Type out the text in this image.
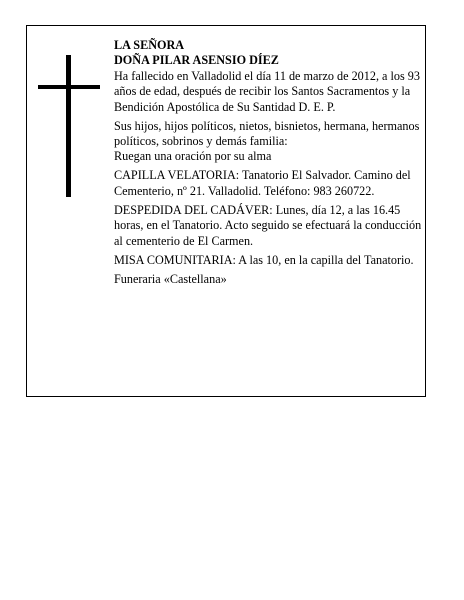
LA SEÑORA
DOÑA PILAR ASENSIO DÍEZ

Ha fallecido en Valladolid el día 11 de marzo de 2012, a los 93 años de edad, después de recibir los Santos Sacramentos y la Bendición Apostólica de Su Santidad D. E. P.

Sus hijos, hijos políticos, nietos, bisnietos, hermana, hermanos políticos, sobrinos y demás familia:

Ruegan una oración por su alma

CAPILLA VELATORIA: Tanatorio El Salvador. Camino del Cementerio, nº 21. Valladolid. Teléfono: 983 260722.

DESPEDIDA DEL CADÁVER: Lunes, día 12, a las 16.45 horas, en el Tanatorio. Acto seguido se efectuará la conducción al cementerio de El Carmen.

MISA COMUNITARIA: A las 10, en la capilla del Tanatorio.

Funeraria «Castellana»
